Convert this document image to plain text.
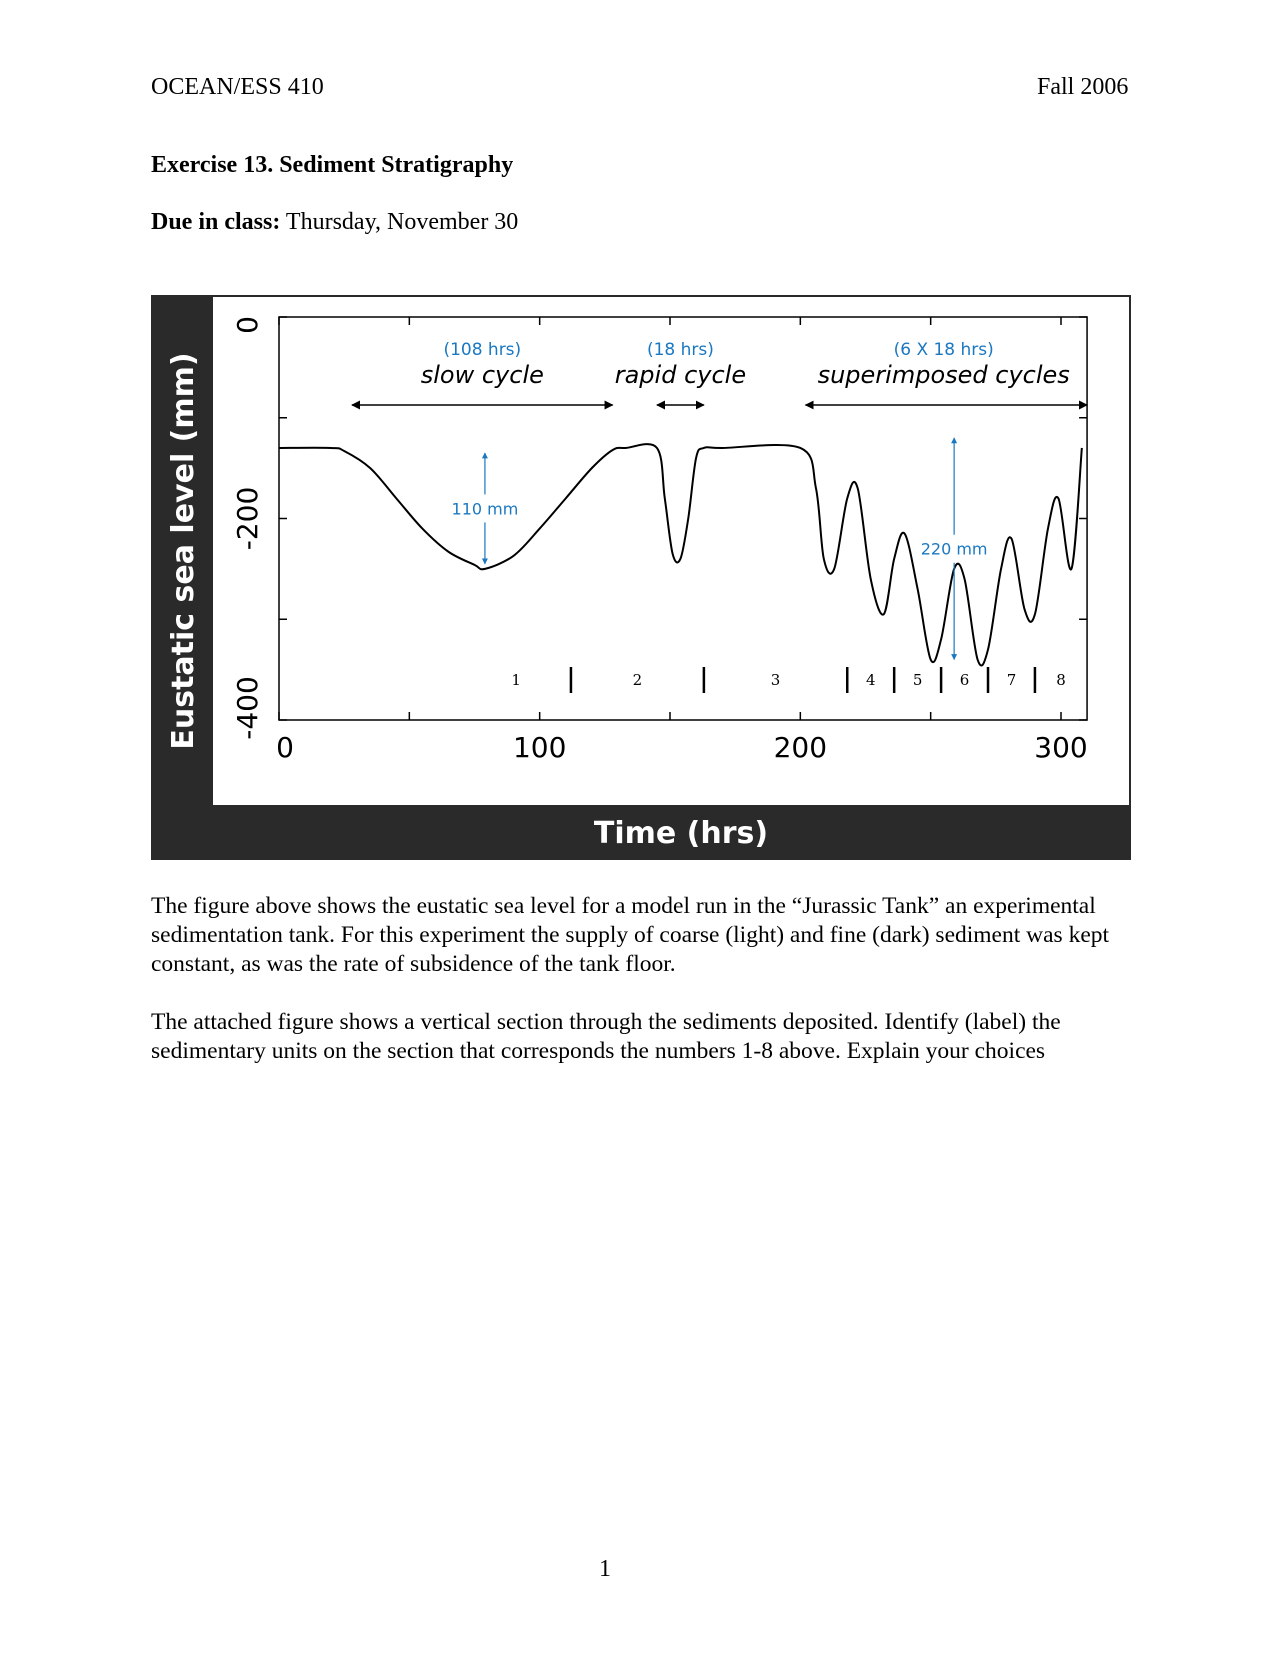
OCEAN/ESS 410	Fall 2006
Exercise 13. Sediment Stratigraphy
Due in class: Thursday, November 30
0	100	200	300
0
-200
-400
(108 hrs)
slow cycle
(18 hrs)
rapid cycle
(6 X 18 hrs)
superimposed cycles
110 mm
220 mm
1	2	3	4 5 6 7	8
Eustatic sea level (mm)
Time (hrs)
The figure above shows the eustatic sea level for a model run in the “Jurassic Tank” an experimental sedimentation tank. For this experiment the supply of coarse (light) and fine (dark) sediment was kept constant, as was the rate of subsidence of the tank floor.
The attached figure shows a vertical section through the sediments deposited. Identify (label) the sedimentary units on the section that corresponds the numbers 1-8 above. Explain your choices
1
